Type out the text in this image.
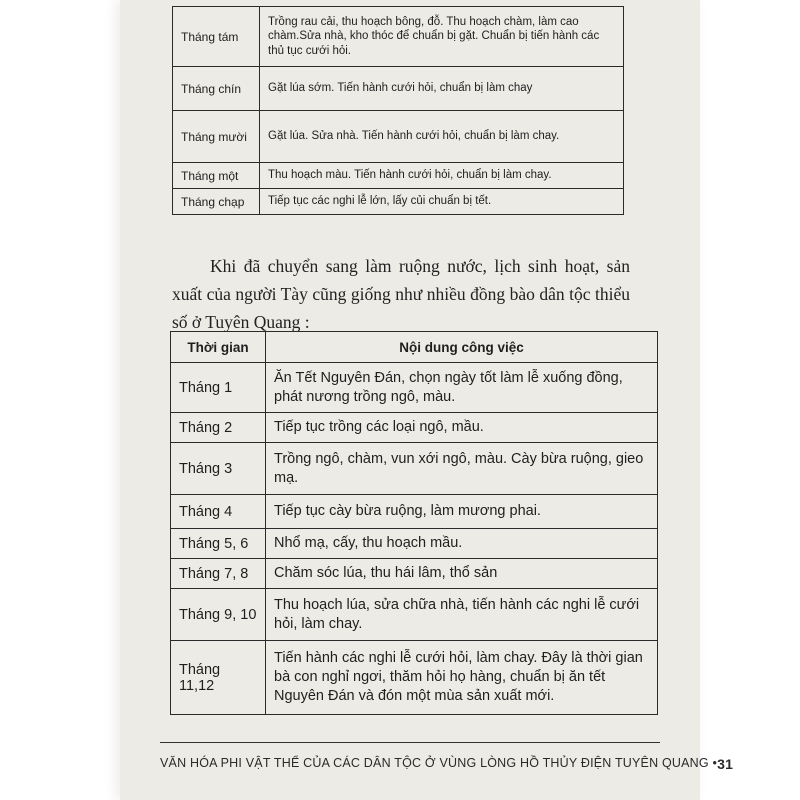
Tháng tám	Trồng rau cải, thu hoạch bông, đỗ. Thu hoạch chàm, làm cao chàm.Sửa nhà, kho thóc để chuẩn bị gặt. Chuẩn bị tiến hành các thủ tục cưới hỏi.
Tháng chín	Gặt lúa sớm. Tiến hành cưới hỏi, chuẩn bị làm chay
Tháng mười	Gặt lúa. Sửa nhà. Tiến hành cưới hỏi, chuẩn bị làm chay.
Tháng một	Thu hoạch màu. Tiến hành cưới hỏi, chuẩn bị làm chay.
Tháng chạp	Tiếp tục các nghi lễ lớn, lấy củi chuẩn bị tết.

Khi đã chuyển sang làm ruộng nước, lịch sinh hoạt, sản xuất của người Tày cũng giống như nhiều đồng bào dân tộc thiểu số ở Tuyên Quang :

Thời gian	Nội dung công việc
Tháng 1	Ăn Tết Nguyên Đán, chọn ngày tốt làm lễ xuống đồng, phát nương trồng ngô, màu.
Tháng 2	Tiếp tục trồng các loại ngô, mầu.
Tháng 3	Trồng ngô, chàm, vun xới ngô, màu. Cày bừa ruộng, gieo mạ.
Tháng 4	Tiếp tục cày bừa ruộng, làm mương phai.
Tháng 5, 6	Nhổ mạ, cấy, thu hoạch mầu.
Tháng 7, 8	Chăm sóc lúa, thu hái lâm, thổ sản
Tháng 9, 10	Thu hoạch lúa, sửa chữa nhà, tiến hành các nghi lễ cưới hỏi, làm chay.
Tháng 11,12	Tiến hành các nghi lễ cưới hỏi, làm chay. Đây là thời gian bà con nghỉ ngơi, thăm hỏi họ hàng, chuẩn bị ăn tết Nguyên Đán và đón một mùa sản xuất mới.
VĂN HÓA PHI VẬT THỂ CỦA CÁC DÂN TỘC Ở VÙNG LÒNG HỒ THỦY ĐIỆN TUYÊN QUANG • 31
